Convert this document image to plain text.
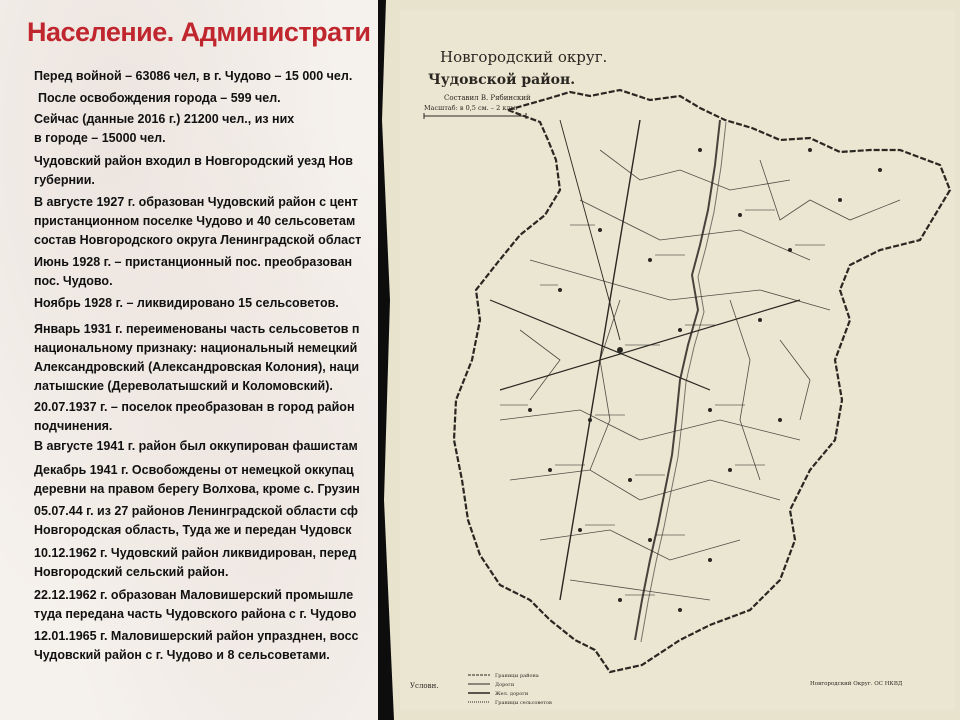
Население. Администрати
Перед войной – 63086 чел, в г. Чудово – 15 000 чел.
После освобождения города – 599 чел.
Сейчас (данные 2016 г.) 21200 чел., из них
в городе – 15000 чел.
Чудовский район входил в Новгородский уезд Нов
губернии.
В августе 1927 г. образован Чудовский район с цент
пристанционном поселке Чудово и 40 сельсоветам
состав Новгородского округа Ленинградской област
Июнь 1928 г. – пристанционный пос. преобразован
пос. Чудово.
Ноябрь 1928 г. – ликвидировано 15 сельсоветов.
Январь 1931 г. переименованы часть сельсоветов п
национальному признаку: национальный немецкий
Александровский (Александровская Колония), наци
латышские (Дереволатышский и Коломовский).
20.07.1937 г. – поселок преобразован в город район
подчинения.
В августе 1941 г. район был оккупирован фашистам
Декабрь 1941 г. Освобождены от немецкой оккупац
деревни на правом берегу Волхова, кроме с. Грузин
05.07.44 г. из 27 районов Ленинградской области сф
Новгородская область, Туда же и передан Чудовск
10.12.1962 г. Чудовский район ликвидирован, перед
Новгородский сельский район.
22.12.1962 г. образован Маловишерский промышле
туда передана часть Чудовского района с г. Чудово
12.01.1965 г. Маловишерский район упразднен, восс
Чудовский район с г. Чудово и 8 сельсоветами.
Новгородский округ.
Чудовской район.
Составил В. Рябинский
Масштаб: в 0,5 см. – 2 клм.
Условн.
Границы района
Дороги
Жел. дороги
Границы сельсоветов
Новгородский Округ. ОС НКВД
